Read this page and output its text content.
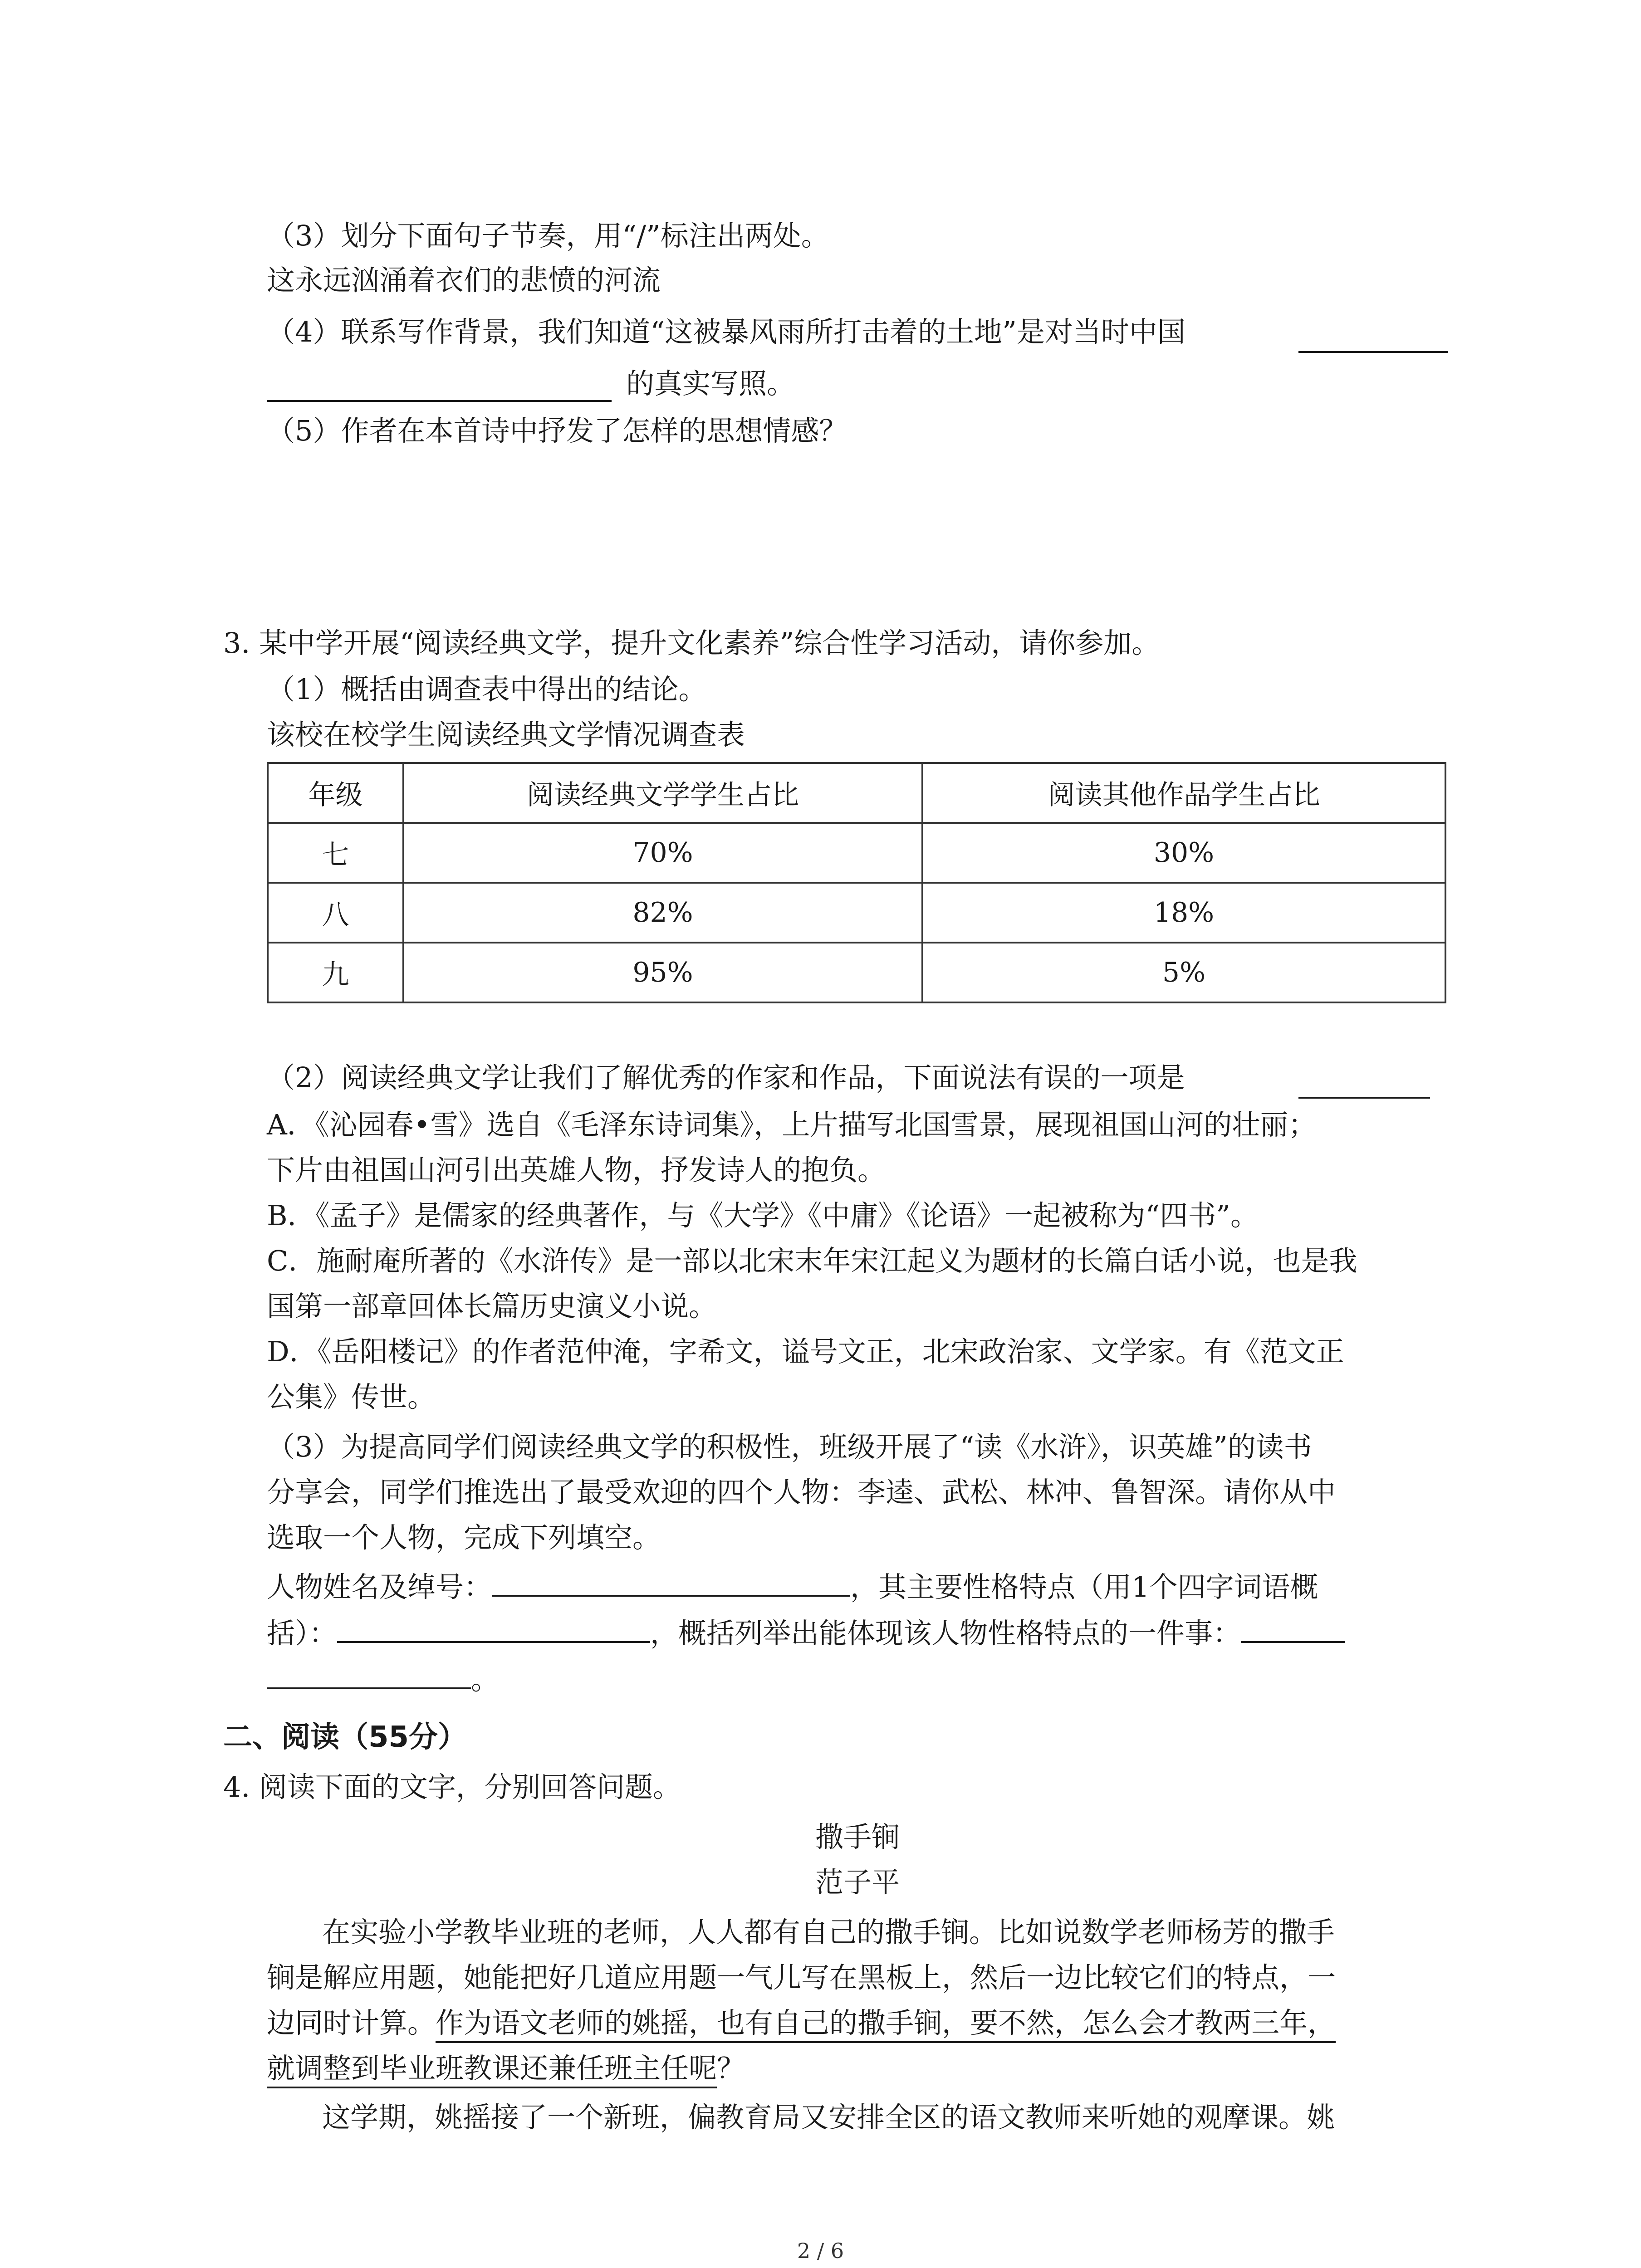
（3）划分下面句子节奏，用“/”标注出两处。
这永远汹涌着衣们的悲愤的河流
（4）联系写作背景，我们知道“这被暴风雨所打击着的土地”是对当时中国
的真实写照。
（5）作者在本首诗中抒发了怎样的思想情感？
3. 某中学开展“阅读经典文学，提升文化素养”综合性学习活动，请你参加。
（1）概括由调查表中得出的结论。
该校在校学生阅读经典文学情况调查表
年级	阅读经典文学学生占比	阅读其他作品学生占比
七	70%	30%
八	82%	18%
九	95%	5%
（2）阅读经典文学让我们了解优秀的作家和作品，下面说法有误的一项是
A．《沁园春•雪》选自《毛泽东诗词集》，上片描写北国雪景，展现祖国山河的壮丽；
下片由祖国山河引出英雄人物，抒发诗人的抱负。
B．《孟子》是儒家的经典著作，与《大学》《中庸》《论语》一起被称为“四书”。
C．施耐庵所著的《水浒传》是一部以北宋末年宋江起义为题材的长篇白话小说，也是我
国第一部章回体长篇历史演义小说。
D．《岳阳楼记》的作者范仲淹，字希文，谥号文正，北宋政治家、文学家。有《范文正
公集》传世。
（3）为提高同学们阅读经典文学的积极性，班级开展了“读《水浒》，识英雄”的读书
分享会，同学们推选出了最受欢迎的四个人物：李逵、武松、林冲、鲁智深。请你从中
选取一个人物，完成下列填空。
人物姓名及绰号：	，其主要性格特点（用1个四字词语概
括）：	，概括列举出能体现该人物性格特点的一件事：
。
二、阅读（55分）
4. 阅读下面的文字，分别回答问题。
撒手锏
范子平
在实验小学教毕业班的老师，人人都有自己的撒手锏。比如说数学老师杨芳的撒手
锏是解应用题，她能把好几道应用题一气儿写在黑板上，然后一边比较它们的特点，一
边同时计算。作为语文老师的姚摇，也有自己的撒手锏，要不然，怎么会才教两三年，
就调整到毕业班教课还兼任班主任呢？
这学期，姚摇接了一个新班，偏教育局又安排全区的语文教师来听她的观摩课。姚
2 / 6
